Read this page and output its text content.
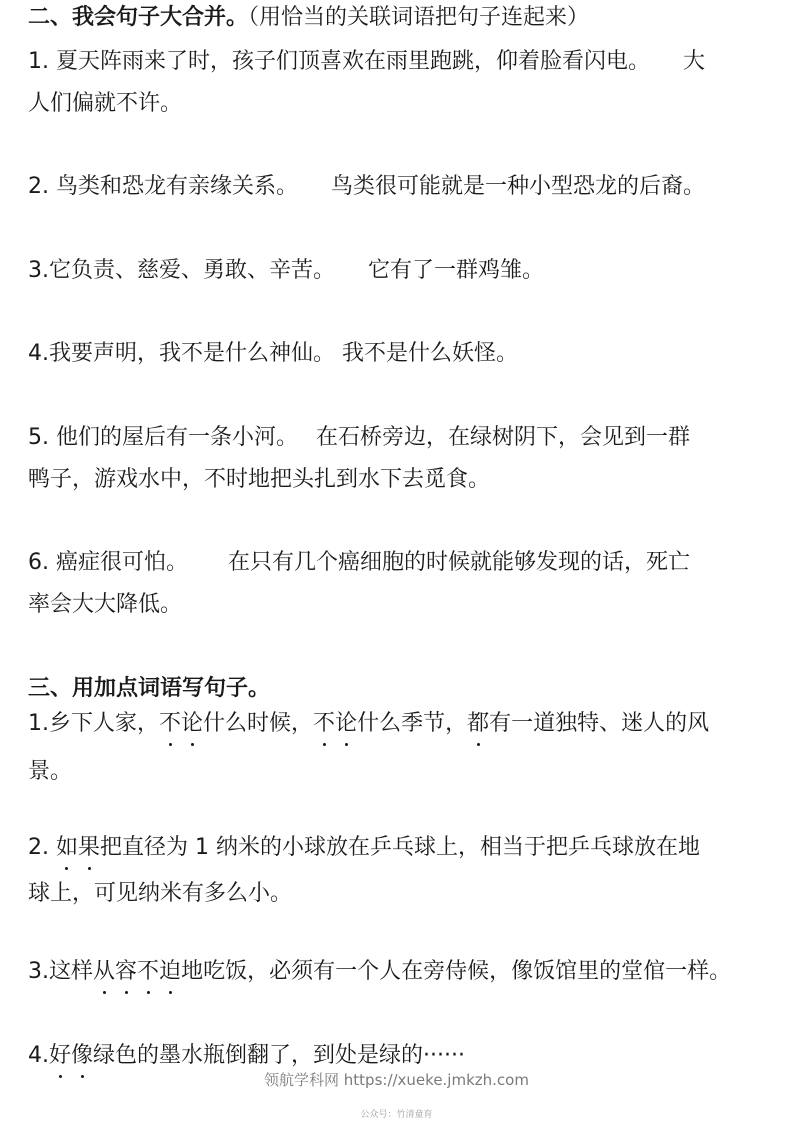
二、我会句子大合并。（用恰当的关联词语把句子连起来）
1. 夏天阵雨来了时，孩子们顶喜欢在雨里跑跳，仰着脸看闪电。　　大
人们偏就不许。
2. 鸟类和恐龙有亲缘关系。　　鸟类很可能就是一种小型恐龙的后裔。
3.它负责、慈爱、勇敢、辛苦。　　它有了一群鸡雏。
4.我要声明，我不是什么神仙。 我不是什么妖怪。
5. 他们的屋后有一条小河。　 在石桥旁边，在绿树阴下，会见到一群
鸭子，游戏水中，不时地把头扎到水下去觅食。
6. 癌症很可怕。　　 在只有几个癌细胞的时候就能够发现的话，死亡
率会大大降低。
三、用加点词语写句子。
1.乡下人家，不论什么时候，不论什么季节，都有一道独特、迷人的风
景。
2. 如果把直径为 1 纳米的小球放在乒乓球上，相当于把乒乓球放在地
球上，可见纳米有多么小。
3.这样从容不迫地吃饭，必须有一个人在旁侍候，像饭馆里的堂倌一样。
4.好像绿色的墨水瓶倒翻了，到处是绿的······
领航学科网 https://xueke.jmkzh.com
公众号：竹清童育
